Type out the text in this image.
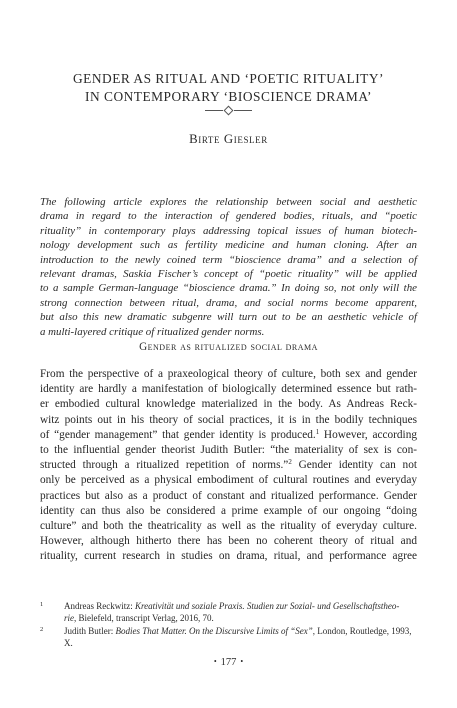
GENDER AS RITUAL AND ‘POETIC RITUALITY’
IN CONTEMPORARY ‘BIOSCIENCE DRAMA’
Birte Giesler

The following article explores the relationship between social and aesthetic
drama in regard to the interaction of gendered bodies, rituals, and “poetic
rituality” in contemporary plays addressing topical issues of human biotech-
nology development such as fertility medicine and human cloning. After an
introduction to the newly coined term “bioscience drama” and a selection of
relevant dramas, Saskia Fischer’s concept of “poetic rituality” will be applied
to a sample German-language “bioscience drama.” In doing so, not only will the
strong connection between ritual, drama, and social norms become apparent,
but also this new dramatic subgenre will turn out to be an aesthetic vehicle of
a multi-layered critique of ritualized gender norms.

Gender as ritualized social drama
From the perspective of a praxeological theory of culture, both sex and gender
identity are hardly a manifestation of biologically determined essence but rath-
er embodied cultural knowledge materialized in the body. As Andreas Reck-
witz points out in his theory of social practices, it is in the bodily techniques
of “gender management” that gender identity is produced.$^1$ However, according
to the influential gender theorist Judith Butler: “the materiality of sex is con-
structed through a ritualized repetition of norms.”$^2$ Gender identity can not
only be perceived as a physical embodiment of cultural routines and everyday
practices but also as a product of constant and ritualized performance. Gender
identity can thus also be considered a prime example of our ongoing “doing
culture” and both the theatricality as well as the rituality of everyday culture.
However, although hitherto there has been no coherent theory of ritual and
rituality, current research in studies on drama, ritual, and performance agree
1 Andreas Reckwitz: Kreativität und soziale Praxis. Studien zur Sozial- und Gesellschaftstheo-
rie, Bielefeld, transcript Verlag, 2016, 70.
2 Judith Butler: Bodies That Matter. On the Discursive Limits of “Sex”, London, Routledge, 1993,
X.
• 177 •
